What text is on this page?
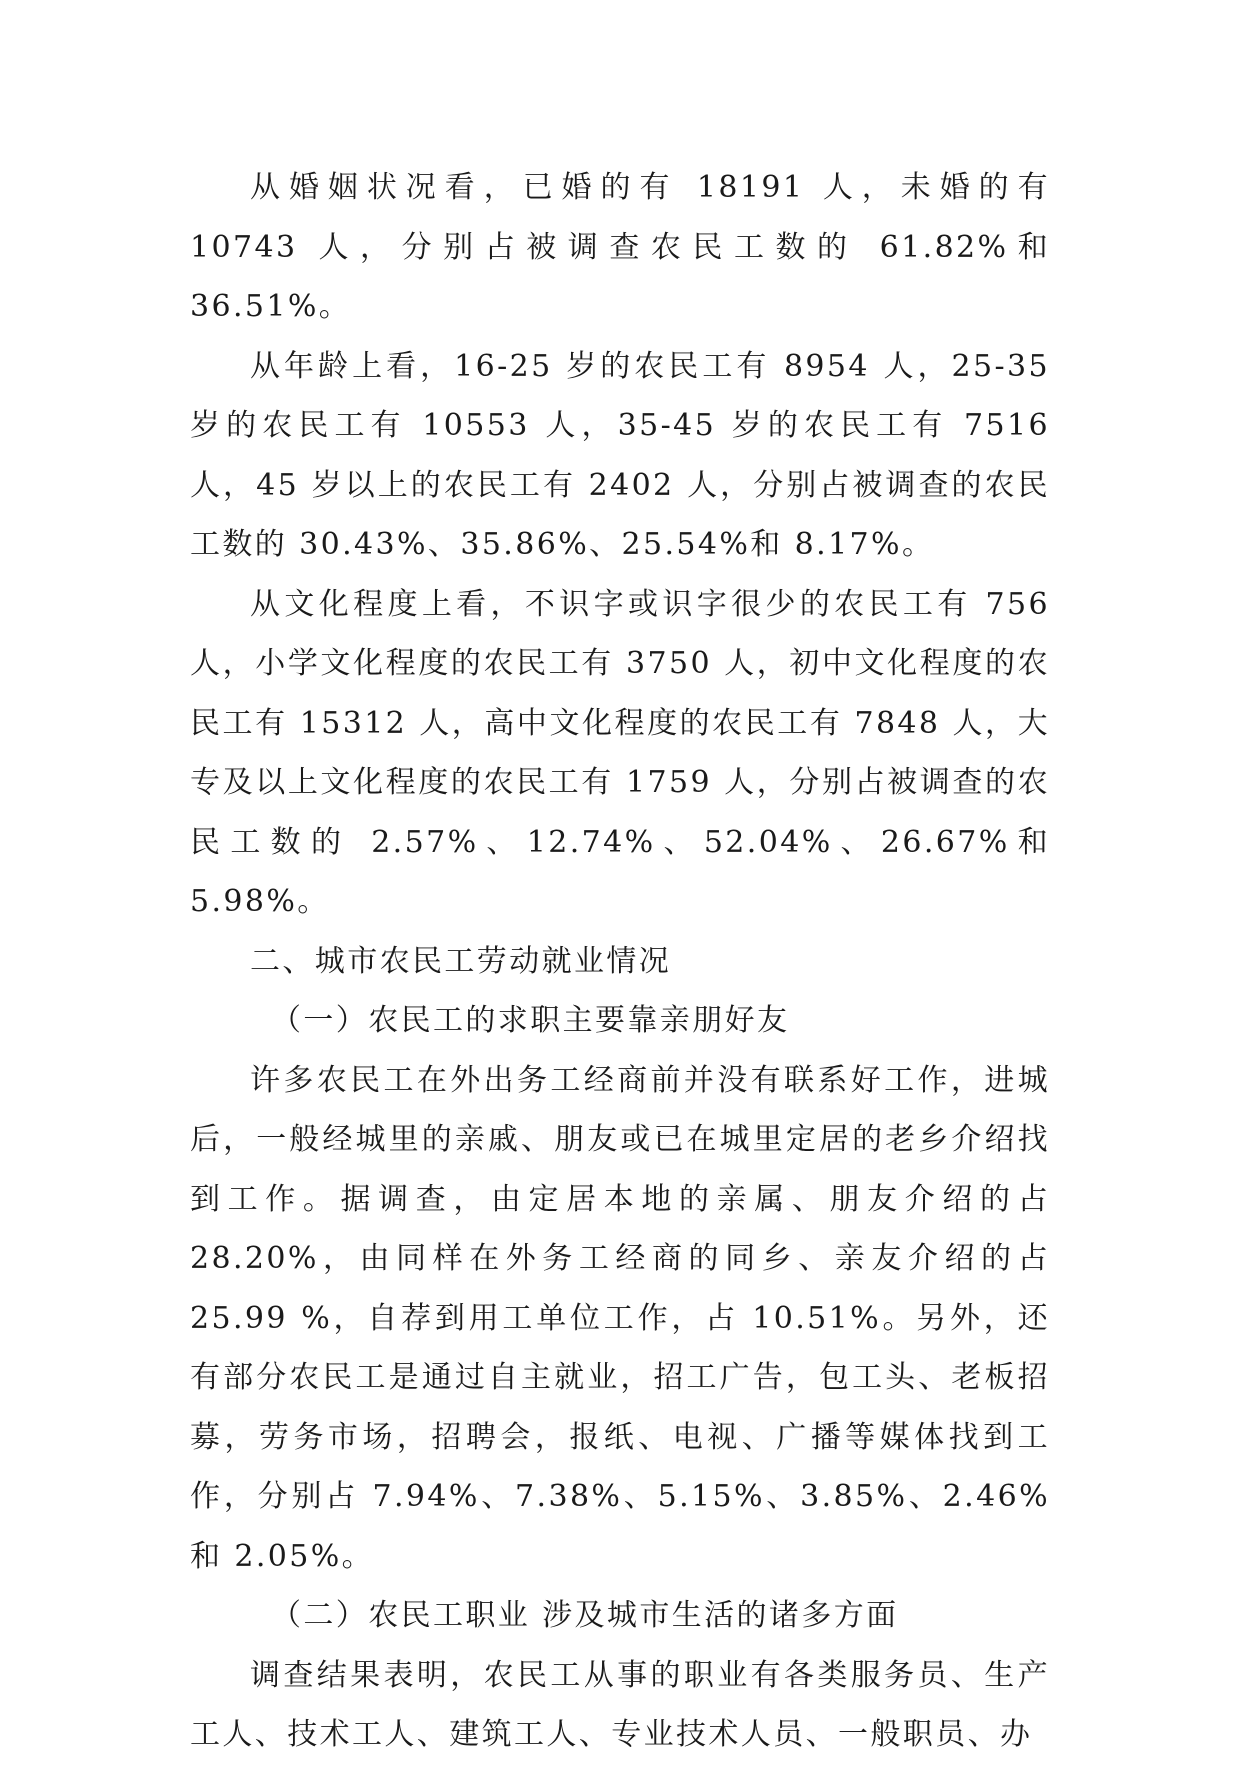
从婚姻状况看，已婚的有 18191 人，未婚的有 10743 人，分别占被调查农民工数的 61.82%和 36.51%。

从年龄上看，16-25 岁的农民工有 8954 人，25-35 岁的农民工有 10553 人，35-45 岁的农民工有 7516 人，45 岁以上的农民工有 2402 人，分别占被调查的农民工数的 30.43%、35.86%、25.54%和 8.17%。

从文化程度上看，不识字或识字很少的农民工有 756 人，小学文化程度的农民工有 3750 人，初中文化程度的农民工有 15312 人，高中文化程度的农民工有 7848 人，大专及以上文化程度的农民工有 1759 人，分别占被调查的农民工数的 2.57%、12.74%、52.04%、26.67%和 5.98%。

二、城市农民工劳动就业情况

（一）农民工的求职主要靠亲朋好友

许多农民工在外出务工经商前并没有联系好工作，进城后，一般经城里的亲戚、朋友或已在城里定居的老乡介绍找到工作。据调查，由定居本地的亲属、朋友介绍的占 28.20%，由同样在外务工经商的同乡、亲友介绍的占 25.99 %，自荐到用工单位工作，占 10.51%。另外，还有部分农民工是通过自主就业，招工广告，包工头、老板招募，劳务市场，招聘会，报纸、电视、广播等媒体找到工作，分别占 7.94%、7.38%、5.15%、3.85%、2.46%和 2.05%。

（二）农民工职业 涉及城市生活的诸多方面

调查结果表明，农民工从事的职业有各类服务员、生产工人、技术工人、建筑工人、专业技术人员、一般职员、办
